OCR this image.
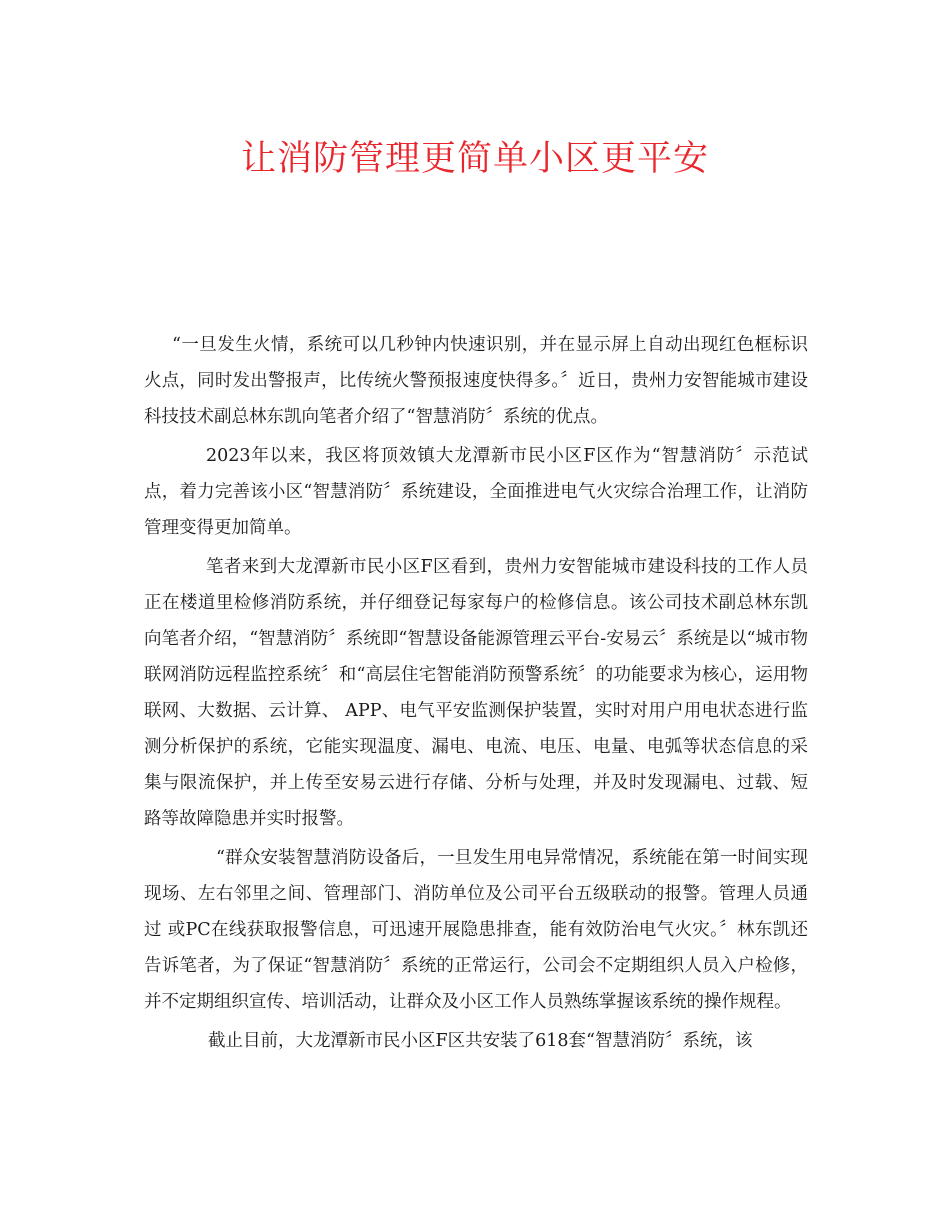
让消防管理更简单小区更平安

“一旦发生火情，系统可以几秒钟内快速识别，并在显示屏上自动出现红色框标识火点，同时发出警报声，比传统火警预报速度快得多。〞近日，贵州力安智能城市建设科技技术副总林东凯向笔者介绍了“智慧消防〞系统的优点。

2023年以来，我区将顶效镇大龙潭新市民小区F区作为“智慧消防〞示范试点，着力完善该小区“智慧消防〞系统建设，全面推进电气火灾综合治理工作，让消防管理变得更加简单。

笔者来到大龙潭新市民小区F区看到，贵州力安智能城市建设科技的工作人员正在楼道里检修消防系统，并仔细登记每家每户的检修信息。该公司技术副总林东凯向笔者介绍，“智慧消防〞系统即“智慧设备能源管理云平台-安易云〞系统是以“城市物联网消防远程监控系统〞和“高层住宅智能消防预警系统〞的功能要求为核心，运用物联网、大数据、云计算、 APP、电气平安监测保护装置，实时对用户用电状态进行监测分析保护的系统，它能实现温度、漏电、电流、电压、电量、电弧等状态信息的采集与限流保护，并上传至安易云进行存储、分析与处理，并及时发现漏电、过载、短路等故障隐患并实时报警。

“群众安装智慧消防设备后，一旦发生用电异常情况，系统能在第一时间实现现场、左右邻里之间、管理部门、消防单位及公司平台五级联动的报警。管理人员通过 或PC在线获取报警信息，可迅速开展隐患排查，能有效防治电气火灾。〞林东凯还告诉笔者，为了保证“智慧消防〞系统的正常运行，公司会不定期组织人员入户检修，并不定期组织宣传、培训活动，让群众及小区工作人员熟练掌握该系统的操作规程。

截止目前，大龙潭新市民小区F区共安装了618套“智慧消防〞系统，该
